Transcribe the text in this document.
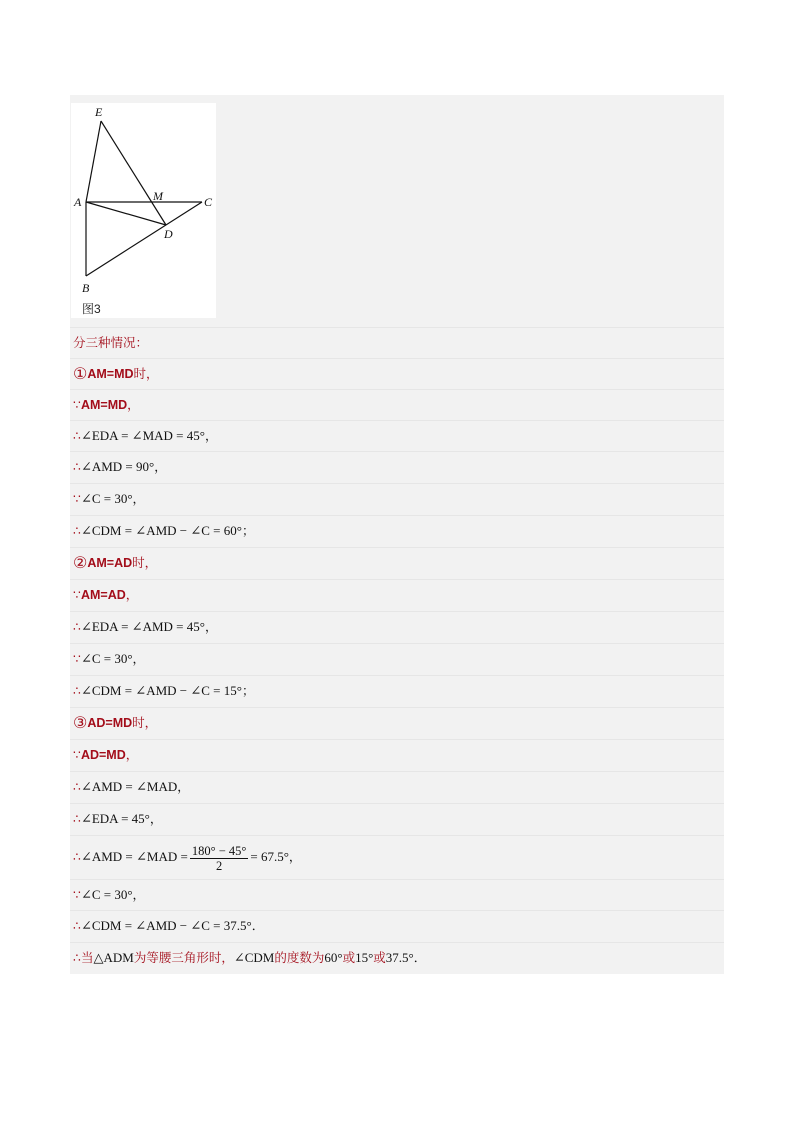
E
A	M	C
D
B
图3
分三种情况：
①AM=MD时，
∵AM=MD，
∴∠EDA = ∠MAD = 45°，
∴∠AMD = 90°，
∵∠C = 30°，
∴∠CDM = ∠AMD − ∠C = 60°；
②AM=AD时，
∵AM=AD，
∴∠EDA = ∠AMD = 45°，
∵∠C = 30°，
∴∠CDM = ∠AMD − ∠C = 15°；
③AD=MD时，
∵AD=MD，
∴∠AMD = ∠MAD，
∴∠EDA = 45°，
∴∠AMD = ∠MAD = $\frac{180^\circ - 45^\circ}{2} = 67.5^\circ$，
∵∠C = 30°，
∴∠CDM = ∠AMD − ∠C = 37.5°．
∴当△ADM为等腰三角形时，∠CDM的度数为60°或15°或37.5°．
